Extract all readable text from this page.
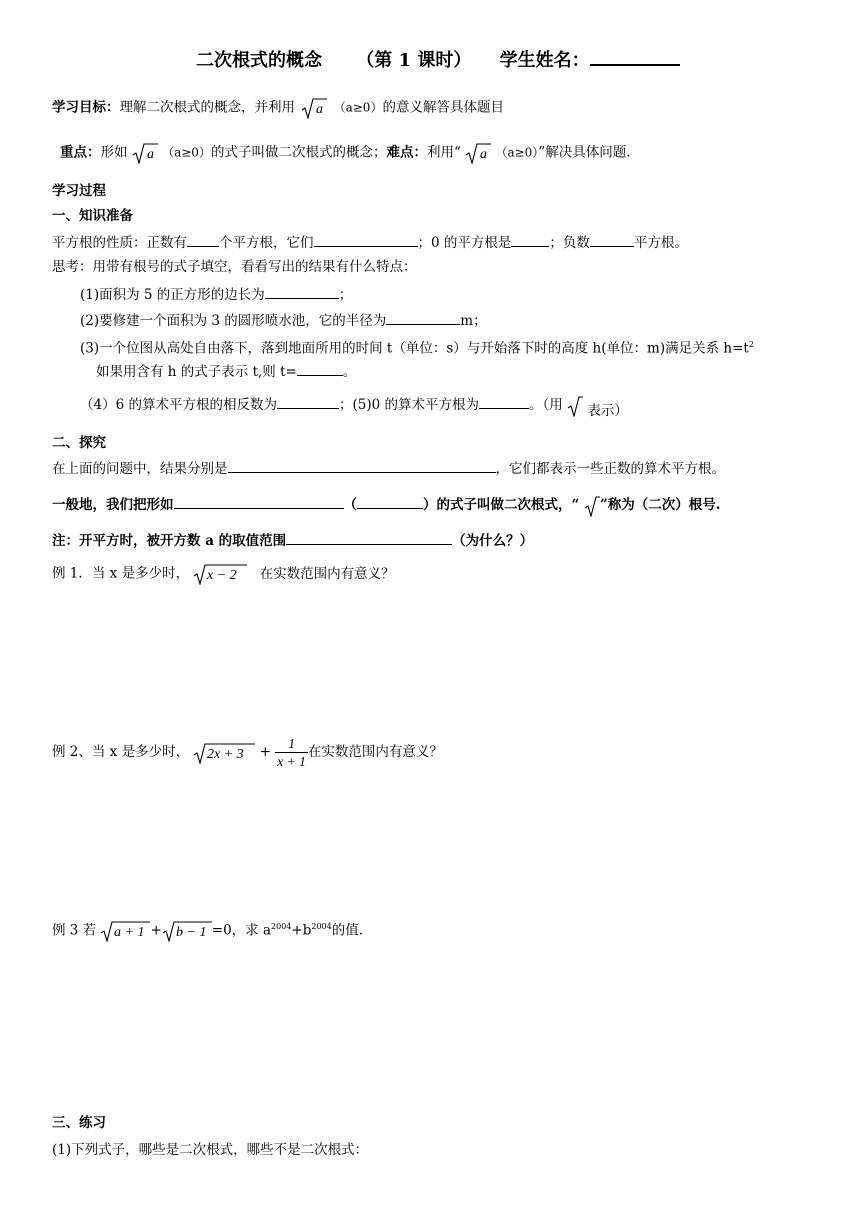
二次根式的概念 （第 1 课时） 学生姓名：
学习目标：理解二次根式的概念，并利用 a （a≥0）的意义解答具体题目
重点：形如 a （a≥0）的式子叫做二次根式的概念；难点：利用“ a （a≥0）”解决具体问题.
学习过程
一、知识准备
平方根的性质：正数有 个平方根，它们	；0 的平方根是	；负数	平方根。
思考：用带有根号的式子填空，看看写出的结果有什么特点：
(1)面积为 5 的正方形的边长为	；
(2)要修建一个面积为 3 的圆形喷水池，它的半径为	m；
(3)一个位图从高处自由落下，落到地面所用的时间 t（单位：s）与开始落下时的高度 h(单位：m)满足关系 $h=t^2$
如果用含有 h 的式子表示 t,则 t=	。
（4）6 的算术平方根的相反数为	；(5)0 的算术平方根为	。（用 表示）
二、探究
在上面的问题中，结果分别是	，它们都表示一些正数的算术平方根。
一般地，我们把形如	（	）的式子叫做二次根式，“ ”称为（二次）根号.
注：开平方时，被开方数 a 的取值范围	（为什么？）
例 1．当 x 是多少时， x − 2 在实数范围内有意义？
例 2、当 x 是多少时， $2x + 3 + \frac{1}{x + 1}$ 在实数范围内有意义？
例 3 若 a + 1 + b − 1 =0，求 $a^{2004}+b^{2004}$的值.
三、练习
(1)下列式子，哪些是二次根式，哪些不是二次根式：
